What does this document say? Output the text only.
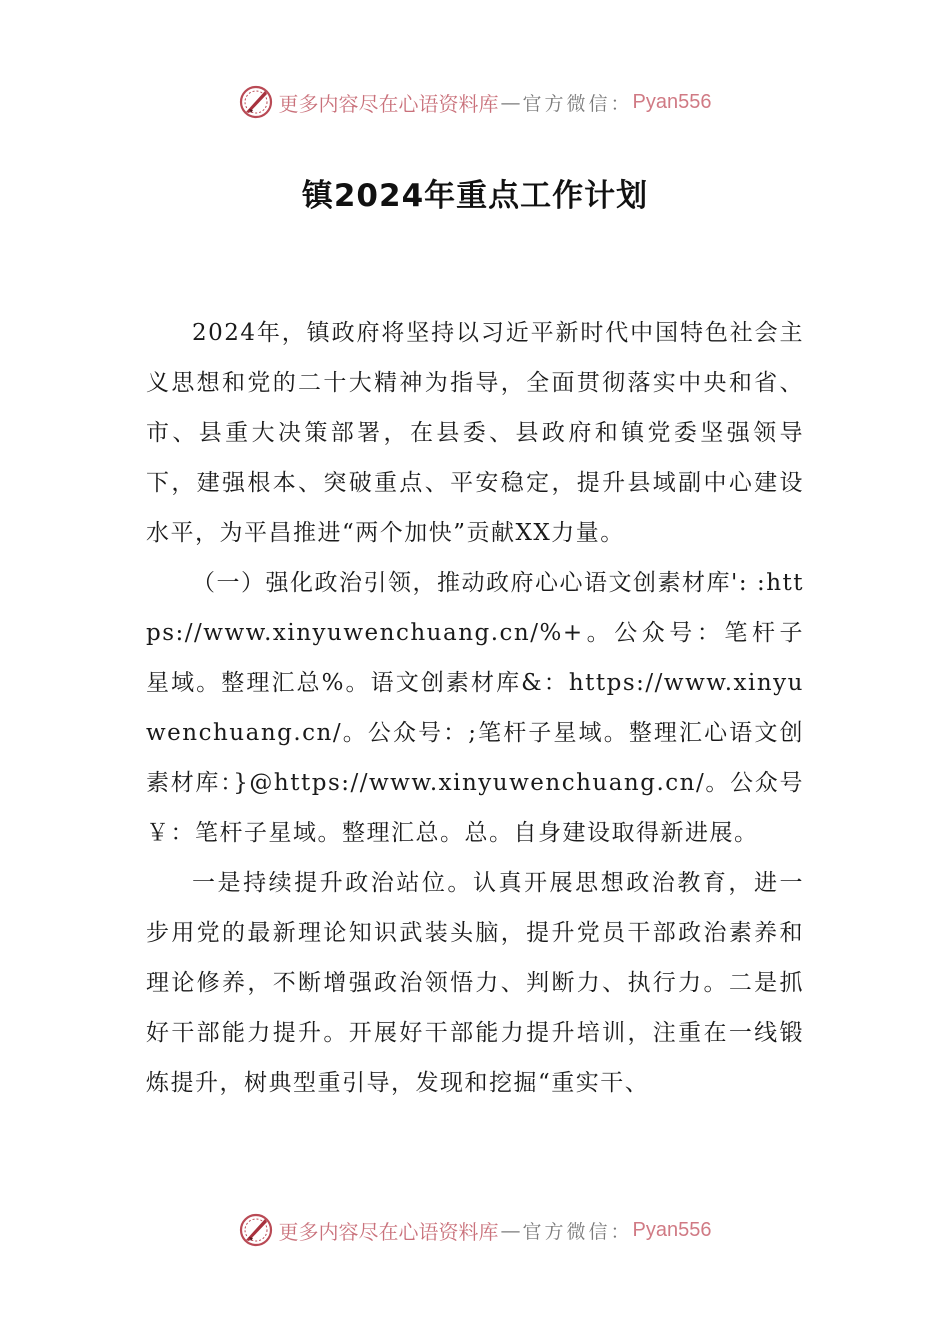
更多内容尽在心语资料库 — 官方微信： Pyan556
镇2024年重点工作计划

2024年，镇政府将坚持以习近平新时代中国特色社会主义思想和党的二十大精神为指导，全面贯彻落实中央和省、市、县重大决策部署，在县委、县政府和镇党委坚强领导下，建强根本、突破重点、平安稳定，提升县域副中心建设水平，为平昌推进“两个加快”贡献XX力量。

（一）强化政治引领，推动政府心心语文创素材库': :https://www.xinyuwenchuang.cn/%+。公众号：笔杆子星域。整理汇总%。语文创素材库&：https://www.xinyuwenchuang.cn/。公众号：;笔杆子星域。整理汇心语文创素材库：}@https://www.xinyuwenchuang.cn/。公众号￥：笔杆子星域。整理汇总。总。自身建设取得新进展。

一是持续提升政治站位。认真开展思想政治教育，进一步用党的最新理论知识武装头脑，提升党员干部政治素养和理论修养，不断增强政治领悟力、判断力、执行力。二是抓好干部能力提升。开展好干部能力提升培训，注重在一线锻炼提升，树典型重引导，发现和挖掘“重实干、

更多内容尽在心语资料库 — 官方微信： Pyan556
